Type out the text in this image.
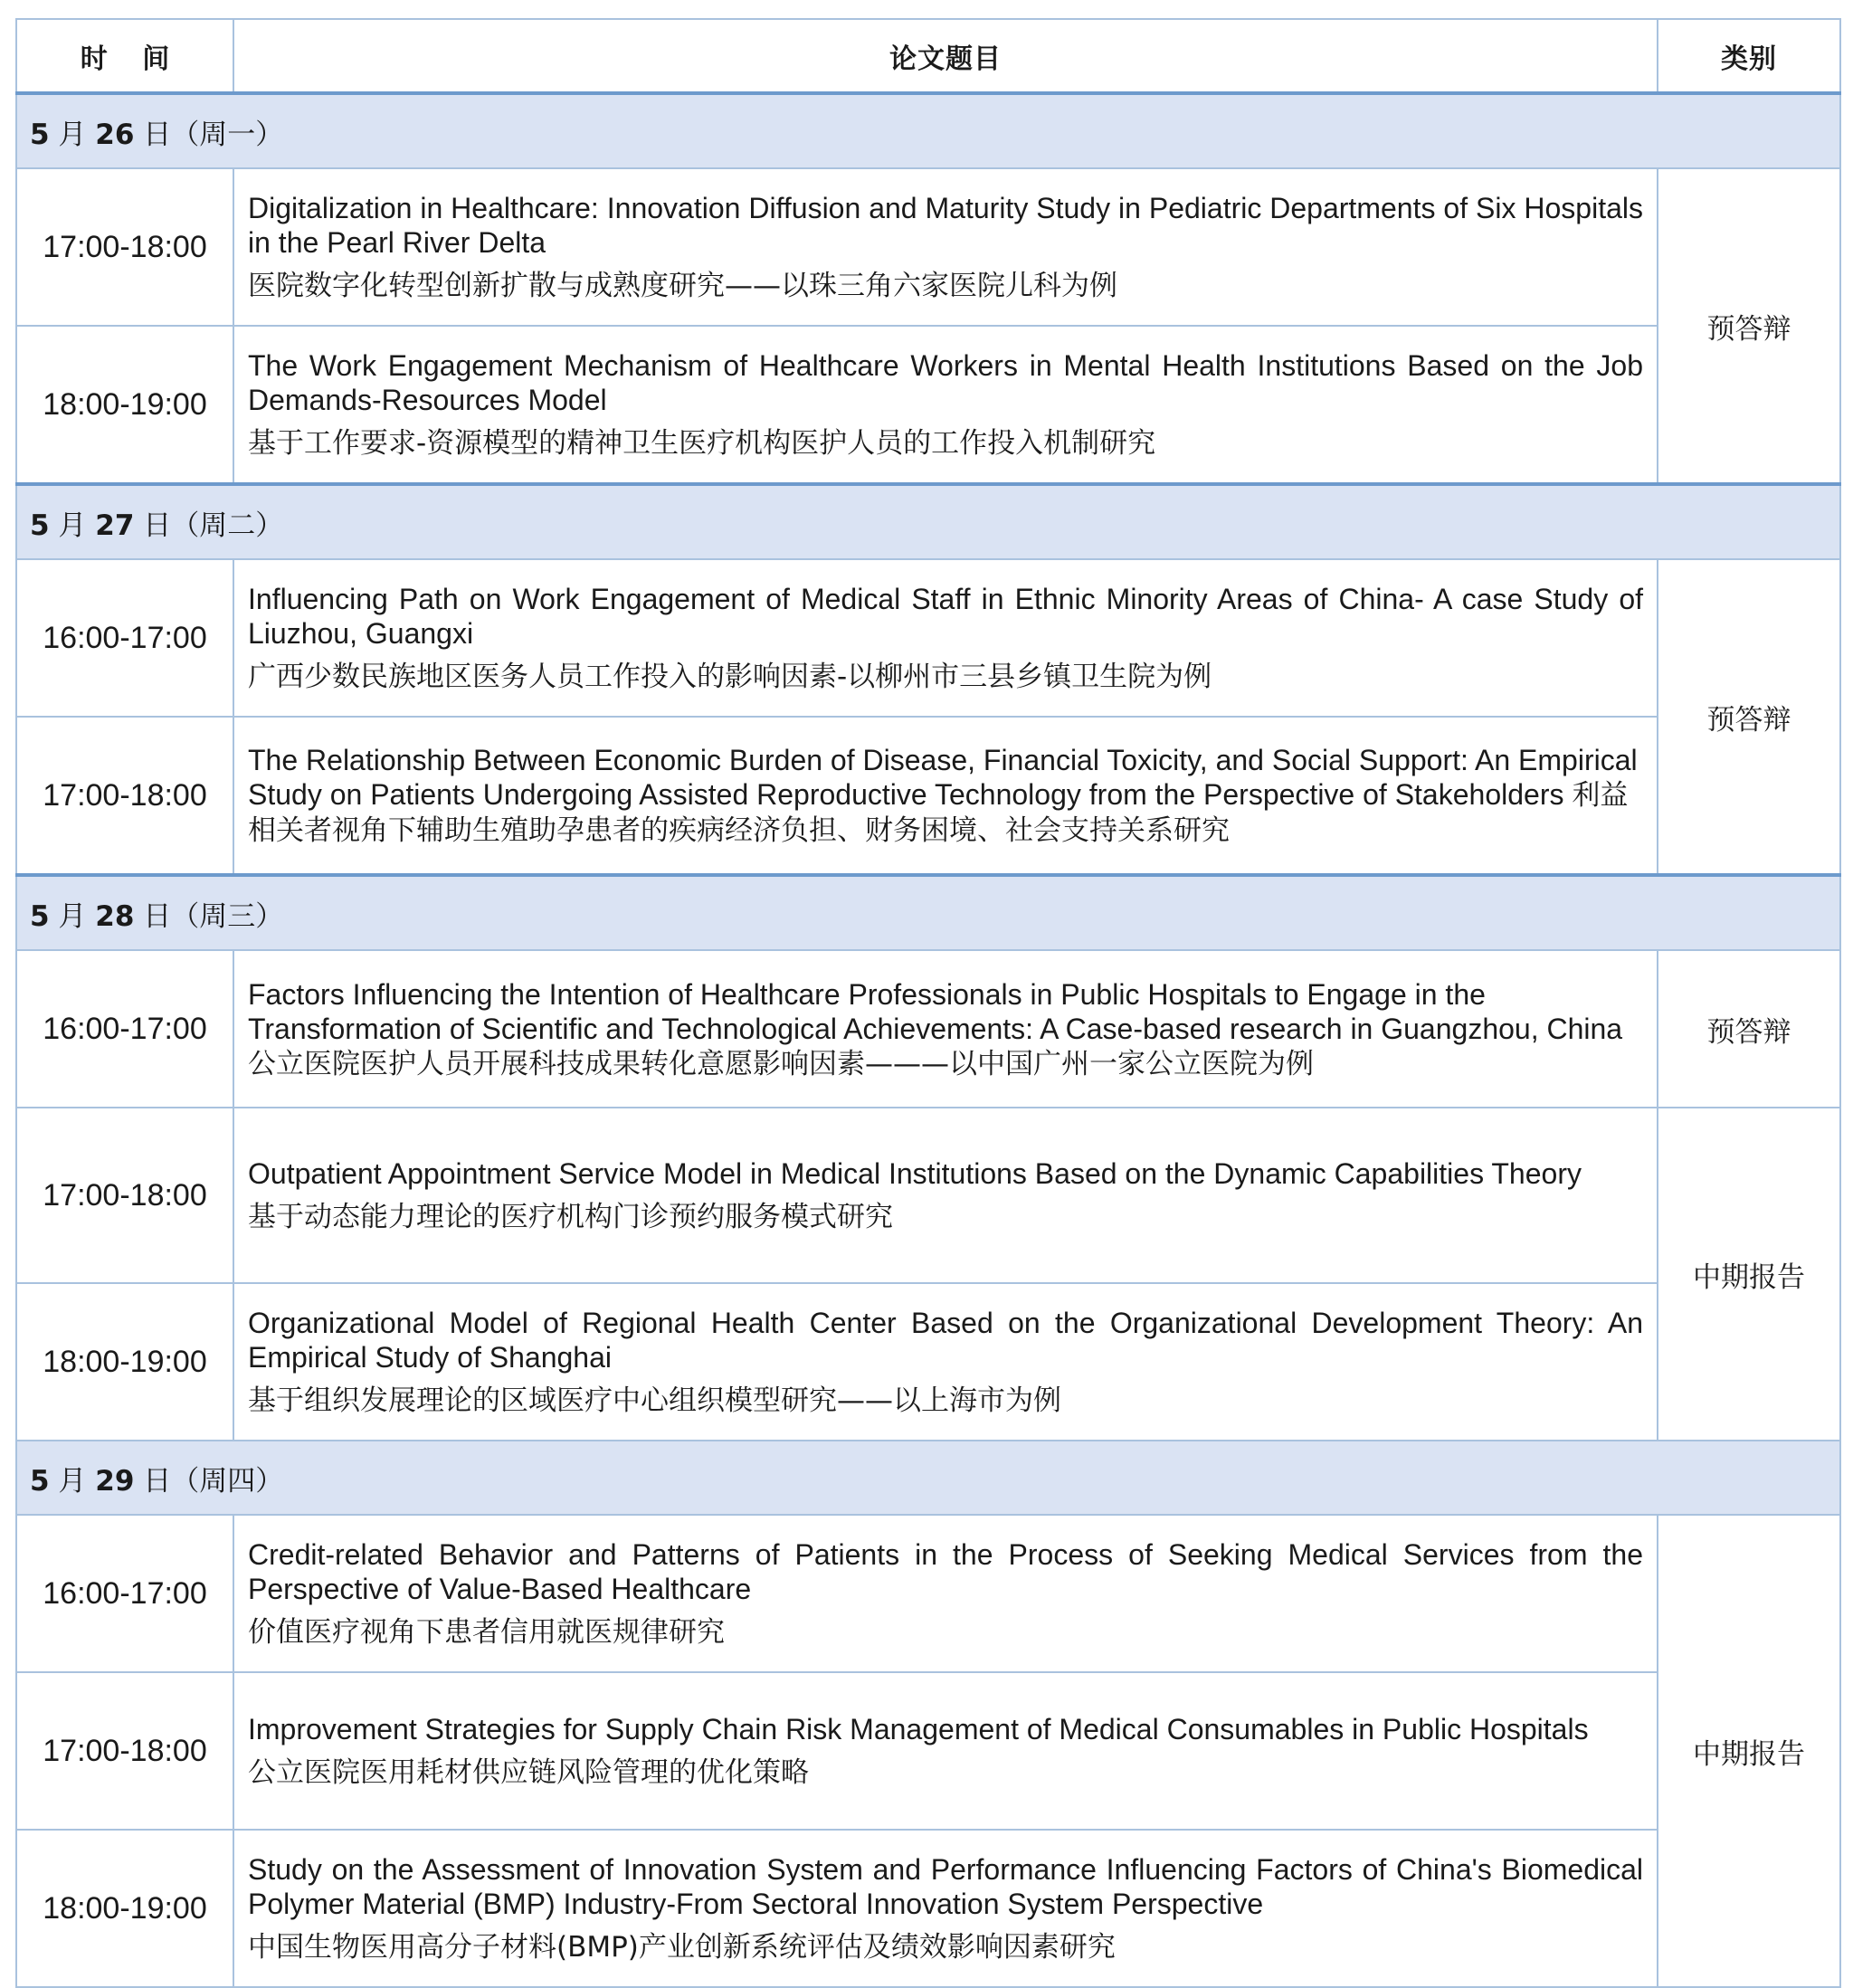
时 间	论文题目	类别
5 月 26 日（周一）		
17:00-18:00	Digitalization in Healthcare: Innovation Diffusion and Maturity Study in Pediatric Departments of Six Hospitals in the Pearl River Delta
医院数字化转型创新扩散与成熟度研究——以珠三角六家医院儿科为例	预答辩
18:00-19:00	The Work Engagement Mechanism of Healthcare Workers in Mental Health Institutions Based on the Job Demands-Resources Model
基于工作要求-资源模型的精神卫生医疗机构医护人员的工作投入机制研究	

5 月 27 日（周二）		
16:00-17:00	Influencing Path on Work Engagement of Medical Staff in Ethnic Minority Areas of China- A case Study of Liuzhou, Guangxi
广西少数民族地区医务人员工作投入的影响因素-以柳州市三县乡镇卫生院为例	预答辩
17:00-18:00	The Relationship Between Economic Burden of Disease, Financial Toxicity, and Social Support: An Empirical Study on Patients Undergoing Assisted Reproductive Technology from the Perspective of Stakeholders 利益相关者视角下辅助生殖助孕患者的疾病经济负担、财务困境、社会支持关系研究	
5 月 28 日（周三）		
16:00-17:00	Factors Influencing the Intention of Healthcare Professionals in Public Hospitals to Engage in the Transformation of Scientific and Technological Achievements: A Case-based research in Guangzhou, China 公立医院医护人员开展科技成果转化意愿影响因素———以中国广州一家公立医院为例	预答辩
17:00-18:00	Outpatient Appointment Service Model in Medical Institutions Based on the Dynamic Capabilities Theory
基于动态能力理论的医疗机构门诊预约服务模式研究	中期报告
18:00-19:00	Organizational Model of Regional Health Center Based on the Organizational Development Theory: An Empirical Study of Shanghai
基于组织发展理论的区域医疗中心组织模型研究——以上海市为例	

5 月 29 日（周四）		
16:00-17:00	Credit-related Behavior and Patterns of Patients in the Process of Seeking Medical Services from the Perspective of Value-Based Healthcare
价值医疗视角下患者信用就医规律研究	中期报告
17:00-18:00	Improvement Strategies for Supply Chain Risk Management of Medical Consumables in Public Hospitals
公立医院医用耗材供应链风险管理的优化策略	

18:00-19:00	Study on the Assessment of Innovation System and Performance Influencing Factors of China's Biomedical Polymer Material (BMP) Industry-From Sectoral Innovation System Perspective
中国生物医用高分子材料(BMP)产业创新系统评估及绩效影响因素研究	
